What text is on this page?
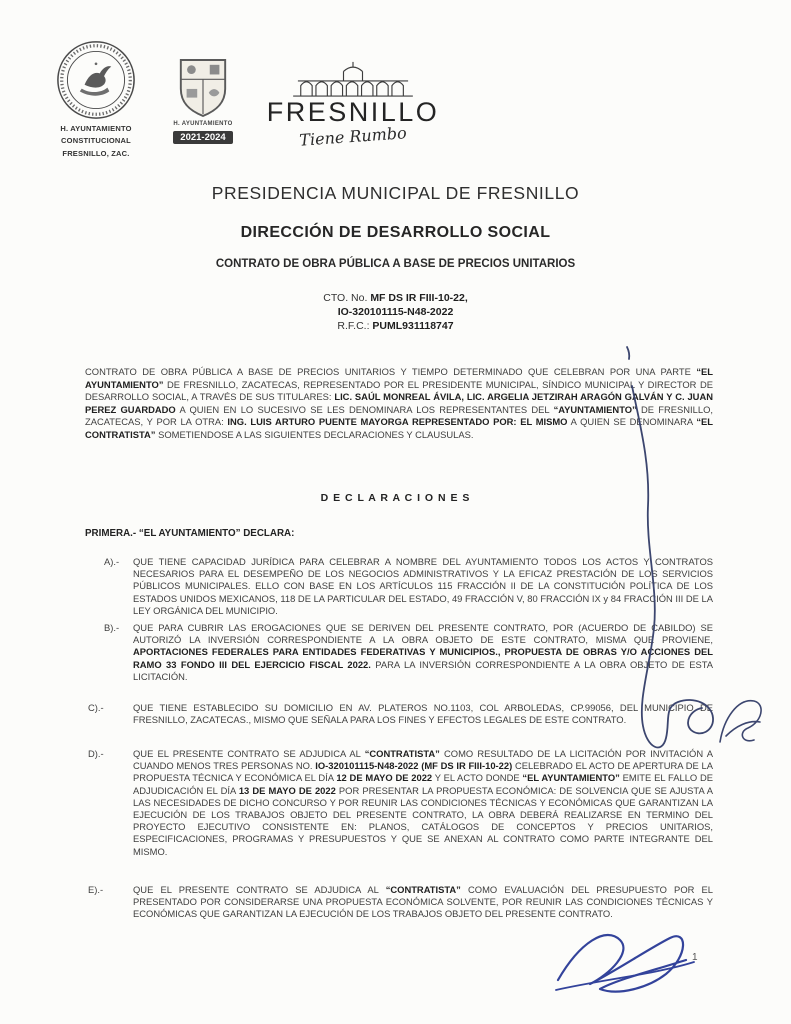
H. AYUNTAMIENTO
CONSTITUCIONAL
FRESNILLO, ZAC.
H. AYUNTAMIENTO
2021-2024
FRESNILLO
Tiene Rumbo
PRESIDENCIA MUNICIPAL DE FRESNILLO
DIRECCIÓN DE DESARROLLO SOCIAL
CONTRATO DE OBRA PÚBLICA A BASE DE PRECIOS UNITARIOS
CTO. No. MF DS IR FIII-10-22,
IO-320101115-N48-2022
R.F.C.: PUML931118747

CONTRATO DE OBRA PÚBLICA A BASE DE PRECIOS UNITARIOS Y TIEMPO DETERMINADO QUE CELEBRAN POR UNA PARTE “EL AYUNTAMIENTO” DE FRESNILLO, ZACATECAS, REPRESENTADO POR EL PRESIDENTE MUNICIPAL, SÍNDICO MUNICIPAL Y DIRECTOR DE DESARROLLO SOCIAL, A TRAVÉS DE SUS TITULARES: LIC. SAÚL MONREAL ÁVILA, LIC. ARGELIA JETZIRAH ARAGÓN GALVÁN Y C. JUAN PEREZ GUARDADO A QUIEN EN LO SUCESIVO SE LES DENOMINARA LOS REPRESENTANTES DEL “AYUNTAMIENTO” DE FRESNILLO, ZACATECAS, Y POR LA OTRA: ING. LUIS ARTURO PUENTE MAYORGA REPRESENTADO POR: EL MISMO A QUIEN SE DENOMINARA “EL CONTRATISTA” SOMETIENDOSE A LAS SIGUIENTES DECLARACIONES Y CLAUSULAS.

D E C L A R A C I O N E S
PRIMERA.- “EL AYUNTAMIENTO” DECLARA:
A).- QUE TIENE CAPACIDAD JURÍDICA PARA CELEBRAR A NOMBRE DEL AYUNTAMIENTO TODOS LOS ACTOS Y CONTRATOS NECESARIOS PARA EL DESEMPEÑO DE LOS NEGOCIOS ADMINISTRATIVOS Y LA EFICAZ PRESTACIÓN DE LOS SERVICIOS PÚBLICOS MUNICIPALES. ELLO CON BASE EN LOS ARTÍCULOS 115 FRACCIÓN II DE LA CONSTITUCIÓN POLÍTICA DE LOS ESTADOS UNIDOS MEXICANOS, 118 DE LA PARTICULAR DEL ESTADO, 49 FRACCIÓN V, 80 FRACCIÓN IX y 84 FRACCIÓN III DE LA LEY ORGÁNICA DEL MUNICIPIO.

B).- QUE PARA CUBRIR LAS EROGACIONES QUE SE DERIVEN DEL PRESENTE CONTRATO, POR (ACUERDO DE CABILDO) SE AUTORIZÓ LA INVERSIÓN CORRESPONDIENTE A LA OBRA OBJETO DE ESTE CONTRATO, MISMA QUE PROVIENE, APORTACIONES FEDERALES PARA ENTIDADES FEDERATIVAS Y MUNICIPIOS., PROPUESTA DE OBRAS Y/O ACCIONES DEL RAMO 33 FONDO III DEL EJERCICIO FISCAL 2022. PARA LA INVERSIÓN CORRESPONDIENTE A LA OBRA OBJETO DE ESTA LICITACIÓN.

C).-	QUE TIENE ESTABLECIDO SU DOMICILIO EN AV. PLATEROS NO.1103, COL ARBOLEDAS, CP.99056, DEL MUNICIPIO DE FRESNILLO, ZACATECAS., MISMO QUE SEÑALA PARA LOS FINES Y EFECTOS LEGALES DE ESTE CONTRATO.

D).-	QUE EL PRESENTE CONTRATO SE ADJUDICA AL “CONTRATISTA” COMO RESULTADO DE LA LICITACIÓN POR INVITACIÓN A CUANDO MENOS TRES PERSONAS NO. IO-320101115-N48-2022 (MF DS IR FIII-10-22) CELEBRADO EL ACTO DE APERTURA DE LA PROPUESTA TÉCNICA Y ECONÓMICA EL DÍA 12 DE MAYO DE 2022 Y EL ACTO DONDE “EL AYUNTAMIENTO” EMITE EL FALLO DE ADJUDICACIÓN EL DÍA 13 DE MAYO DE 2022 POR PRESENTAR LA PROPUESTA ECONÓMICA: DE SOLVENCIA QUE SE AJUSTA A LAS NECESIDADES DE DICHO CONCURSO Y POR REUNIR LAS CONDICIONES TÉCNICAS Y ECONÓMICAS QUE GARANTIZAN LA EJECUCIÓN DE LOS TRABAJOS OBJETO DEL PRESENTE CONTRATO, LA OBRA DEBERÁ REALIZARSE EN TERMINO DEL PROYECTO EJECUTIVO CONSISTENTE EN: PLANOS, CATÁLOGOS DE CONCEPTOS Y PRECIOS UNITARIOS, ESPECIFICACIONES, PROGRAMAS Y PRESUPUESTOS Y QUE SE ANEXAN AL CONTRATO COMO PARTE INTEGRANTE DEL MISMO.

E).-	QUE EL PRESENTE CONTRATO SE ADJUDICA AL “CONTRATISTA” COMO EVALUACIÓN DEL PRESUPUESTO POR EL PRESENTADO POR CONSIDERARSE UNA PROPUESTA ECONÓMICA SOLVENTE, POR REUNIR LAS CONDICIONES TÉCNICAS Y ECONÓMICAS QUE GARANTIZAN LA EJECUCIÓN DE LOS TRABAJOS OBJETO DEL PRESENTE CONTRATO.

1
